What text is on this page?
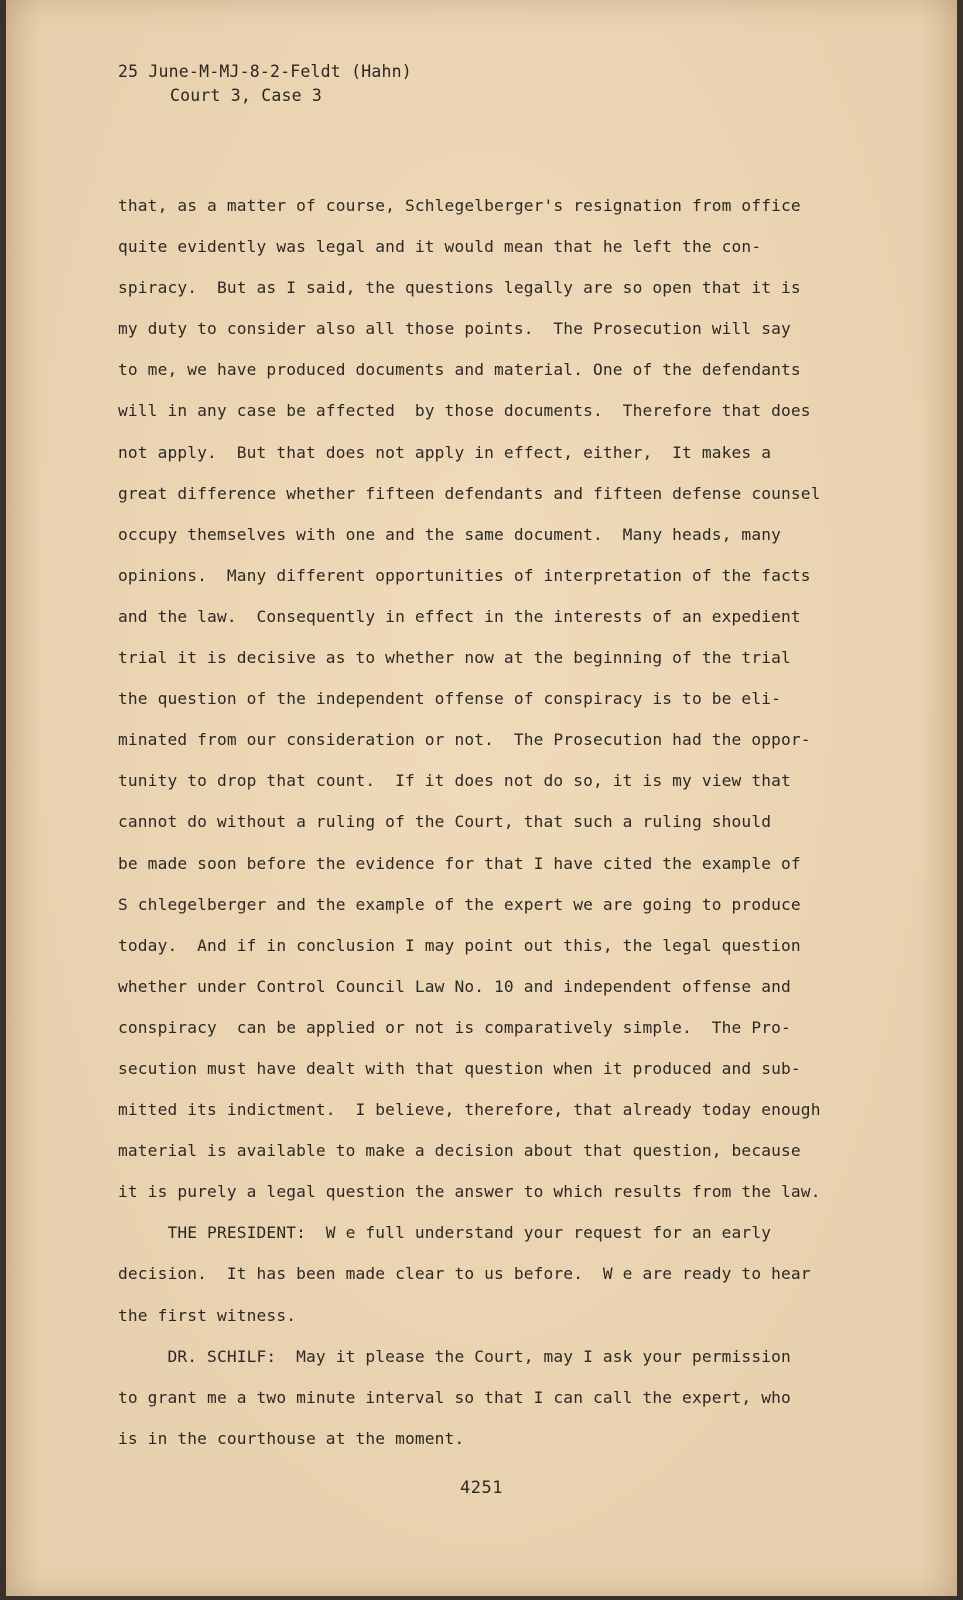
25 June-M-MJ-8-2-Feldt (Hahn)
Court 3, Case 3
that, as a matter of course, Schlegelberger's resignation from office
quite evidently was legal and it would mean that he left the con-
spiracy.  But as I said, the questions legally are so open that it is
my duty to consider also all those points.  The Prosecution will say
to me, we have produced documents and material. One of the defendants
will in any case be affected  by those documents.  Therefore that does
not apply.  But that does not apply in effect, either,  It makes a
great difference whether fifteen defendants and fifteen defense counsel
occupy themselves with one and the same document.  Many heads, many
opinions.  Many different opportunities of interpretation of the facts
and the law.  Consequently in effect in the interests of an expedient
trial it is decisive as to whether now at the beginning of the trial
the question of the independent offense of conspiracy is to be eli-
minated from our consideration or not.  The Prosecution had the oppor-
tunity to drop that count.  If it does not do so, it is my view that
cannot do without a ruling of the Court, that such a ruling should
be made soon before the evidence for that I have cited the example of
S chlegelberger and the example of the expert we are going to produce
today.  And if in conclusion I may point out this, the legal question
whether under Control Council Law No. 10 and independent offense and
conspiracy  can be applied or not is comparatively simple.  The Pro-
secution must have dealt with that question when it produced and sub-
mitted its indictment.  I believe, therefore, that already today enough
material is available to make a decision about that question, because
it is purely a legal question the answer to which results from the law.
THE PRESIDENT:  W e full understand your request for an early
decision.  It has been made clear to us before.  W e are ready to hear
the first witness.
DR. SCHILF:  May it please the Court, may I ask your permission
to grant me a two minute interval so that I can call the expert, who
is in the courthouse at the moment.
4251
